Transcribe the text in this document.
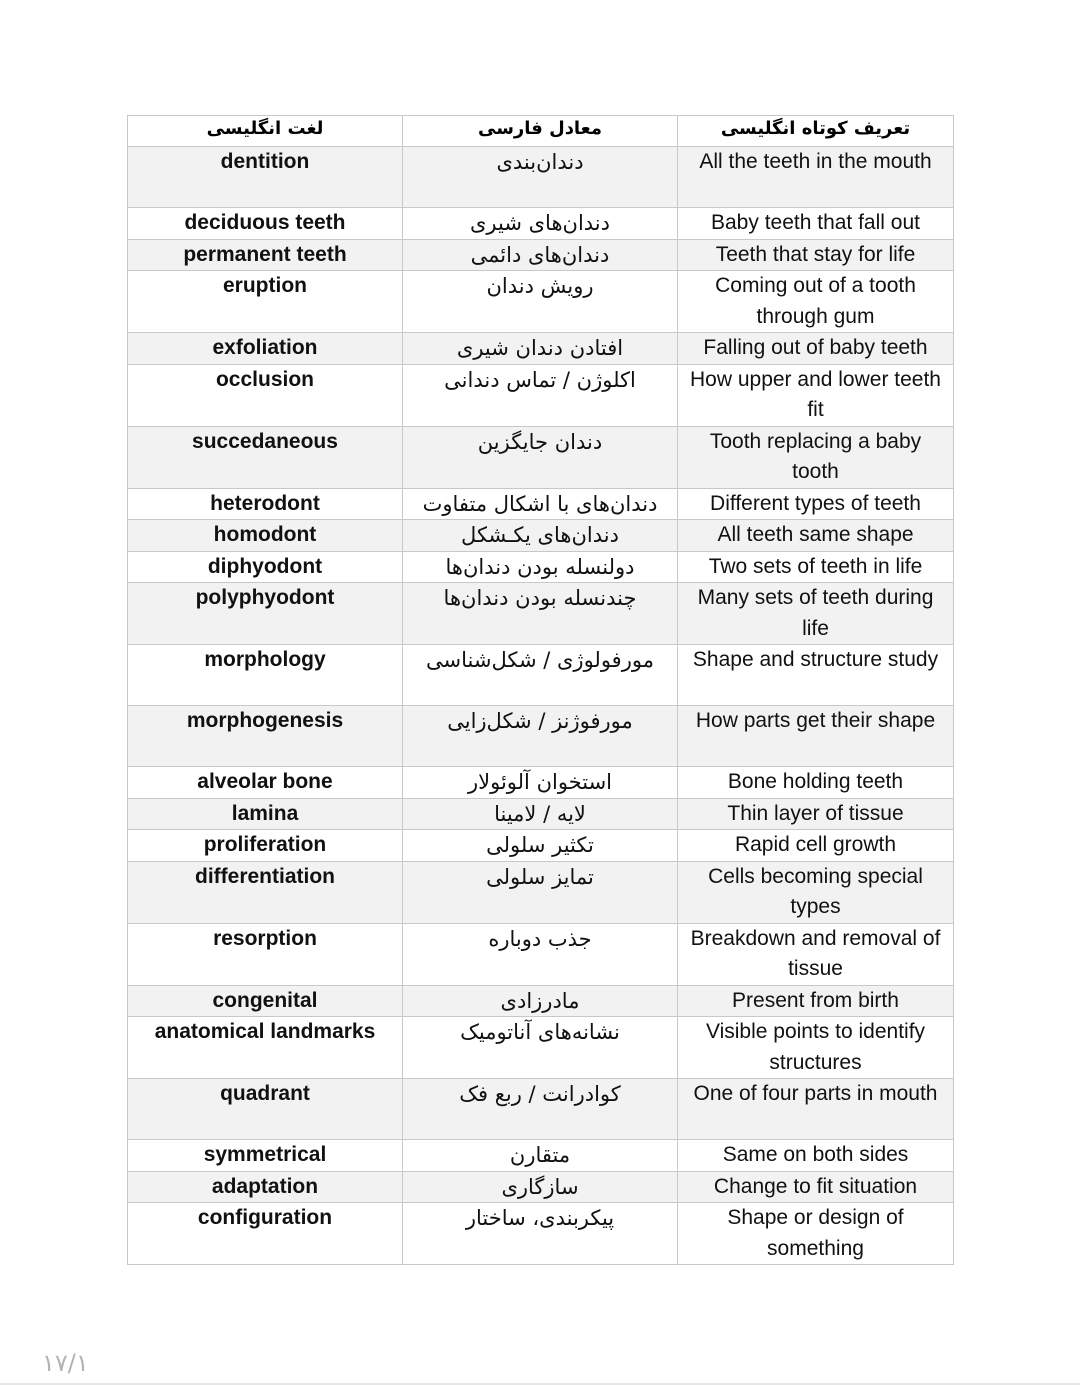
لغت انگلیسی	معادل فارسی	تعریف کوتاه انگلیسی
dentition	دندان‌بندی	All the teeth in the mouth
deciduous teeth	دندان‌های شیری	Baby teeth that fall out
permanent teeth	دندان‌های دائمی	Teeth that stay for life
eruption	رویش دندان	Coming out of a tooth through gum
exfoliation	افتادن دندان شیری	Falling out of baby teeth
occlusion	اکلوژن / تماس دندانی	How upper and lower teeth fit
succedaneous	دندان جایگزین	Tooth replacing a baby tooth
heterodont	دندان‌های با اشکال متفاوت	Different types of teeth
homodont	دندان‌های یکـشکل	All teeth same shape
diphyodont	دولنسله بودن دندان‌ها	Two sets of teeth in life
polyphyodont	چندنسله بودن دندان‌ها	Many sets of teeth during life
morphology	مورفولوژی / شکل‌شناسی	Shape and structure study
morphogenesis	مورفوژنز / شکل‌زایی	How parts get their shape
alveolar bone	استخوان آلوئولار	Bone holding teeth
lamina	لایه / لامینا	Thin layer of tissue
proliferation	تکثیر سلولی	Rapid cell growth
differentiation	تمایز سلولی	Cells becoming special types
resorption	جذب دوباره	Breakdown and removal of tissue
congenital	مادرزادی	Present from birth
anatomical landmarks	نشانه‌های آناتومیک	Visible points to identify structures
quadrant	کوادرانت / ربع فک	One of four parts in mouth
symmetrical	متقارن	Same on both sides
adaptation	سازگاری	Change to fit situation
configuration	پیکربندی، ساختار	Shape or design of something
۱۷/۱
